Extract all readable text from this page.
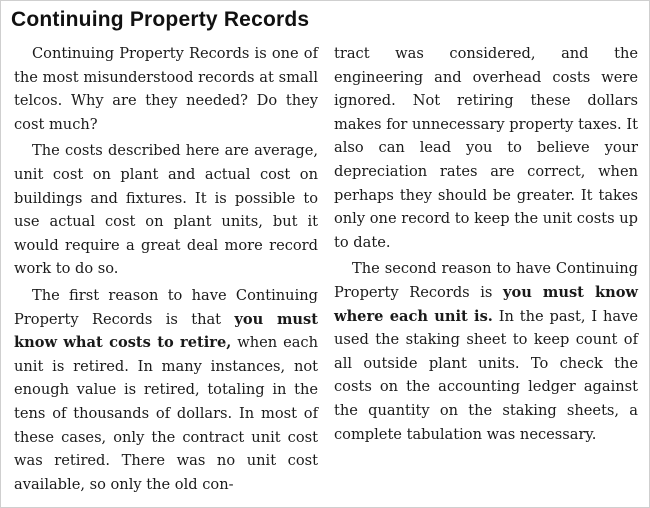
Continuing Property Records

Continuing Property Records is one of the most misunderstood records at small telcos. Why are they needed? Do they cost much?

The costs described here are average, unit cost on plant and actual cost on buildings and fixtures. It is possible to use actual cost on plant units, but it would require a great deal more record work to do so.

The first reason to have Continuing Property Records is that you must know what costs to retire, when each unit is retired. In many instances, not enough value is retired, totaling in the tens of thousands of dollars. In most of these cases, only the contract unit cost was retired. There was no unit cost available, so only the old con-

tract was considered, and the engineering and overhead costs were ignored. Not retiring these dollars makes for unnecessary property taxes. It also can lead you to believe your depreciation rates are correct, when perhaps they should be greater. It takes only one record to keep the unit costs up to date.

The second reason to have Continuing Property Records is you must know where each unit is. In the past, I have used the staking sheet to keep count of all outside plant units. To check the costs on the accounting ledger against the quantity on the staking sheets, a complete tabulation was necessary.
